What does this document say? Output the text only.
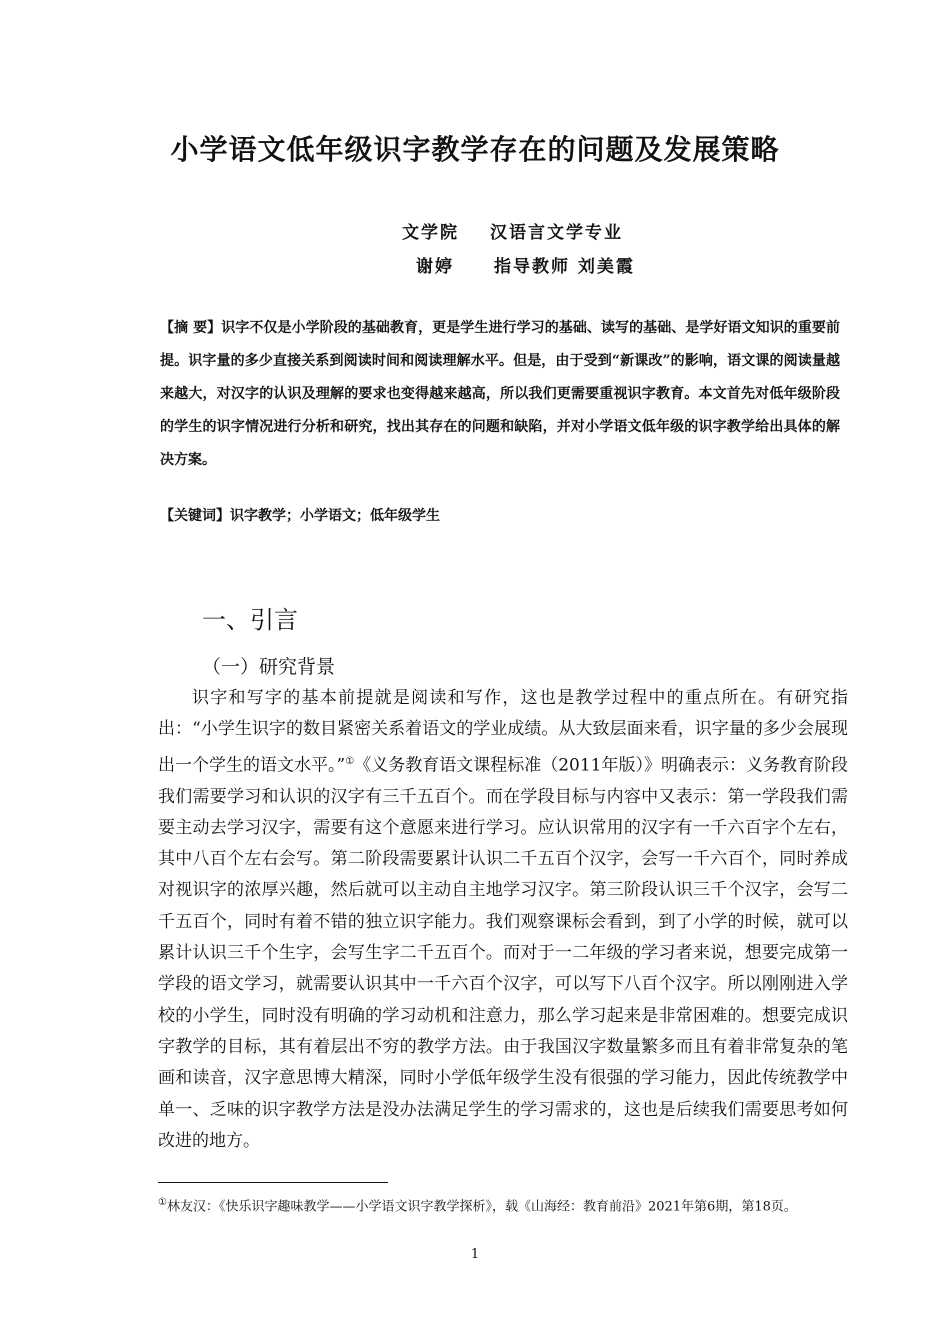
小学语文低年级识字教学存在的问题及发展策略
文学院 汉语言文学专业
谢婷 指导教师 刘美霞
【摘 要】识字不仅是小学阶段的基础教育，更是学生进行学习的基础、读写的基础、是学好语文知识的重要前提。识字量的多少直接关系到阅读时间和阅读理解水平。但是，由于受到“新课改”的影响，语文课的阅读量越来越大，对汉字的认识及理解的要求也变得越来越高，所以我们更需要重视识字教育。本文首先对低年级阶段的学生的识字情况进行分析和研究，找出其存在的问题和缺陷，并对小学语文低年级的识字教学给出具体的解决方案。
【关键词】识字教学；小学语文；低年级学生
一、引言
（一）研究背景

识字和写字的基本前提就是阅读和写作，这也是教学过程中的重点所在。有研究指出：“小学生识字的数目紧密关系着语文的学业成绩。从大致层面来看，识字量的多少会展现出一个学生的语文水平。”①《义务教育语文课程标准（2011年版）》明确表示：义务教育阶段我们需要学习和认识的汉字有三千五百个。而在学段目标与内容中又表示：第一学段我们需要主动去学习汉字，需要有这个意愿来进行学习。应认识常用的汉字有一千六百字个左右，其中八百个左右会写。第二阶段需要累计认识二千五百个汉字，会写一千六百个，同时养成对视识字的浓厚兴趣，然后就可以主动自主地学习汉字。第三阶段认识三千个汉字，会写二千五百个，同时有着不错的独立识字能力。我们观察课标会看到，到了小学的时候，就可以累计认识三千个生字，会写生字二千五百个。而对于一二年级的学习者来说，想要完成第一学段的语文学习，就需要认识其中一千六百个汉字，可以写下八百个汉字。所以刚刚进入学校的小学生，同时没有明确的学习动机和注意力，那么学习起来是非常困难的。想要完成识字教学的目标，其有着层出不穷的教学方法。由于我国汉字数量繁多而且有着非常复杂的笔画和读音，汉字意思博大精深，同时小学低年级学生没有很强的学习能力，因此传统教学中单一、乏味的识字教学方法是没办法满足学生的学习需求的，这也是后续我们需要思考如何改进的地方。

①林友汉：《快乐识字趣味教学——小学语文识字教学探析》，载《山海经：教育前沿》2021年第6期，第18页。
1
